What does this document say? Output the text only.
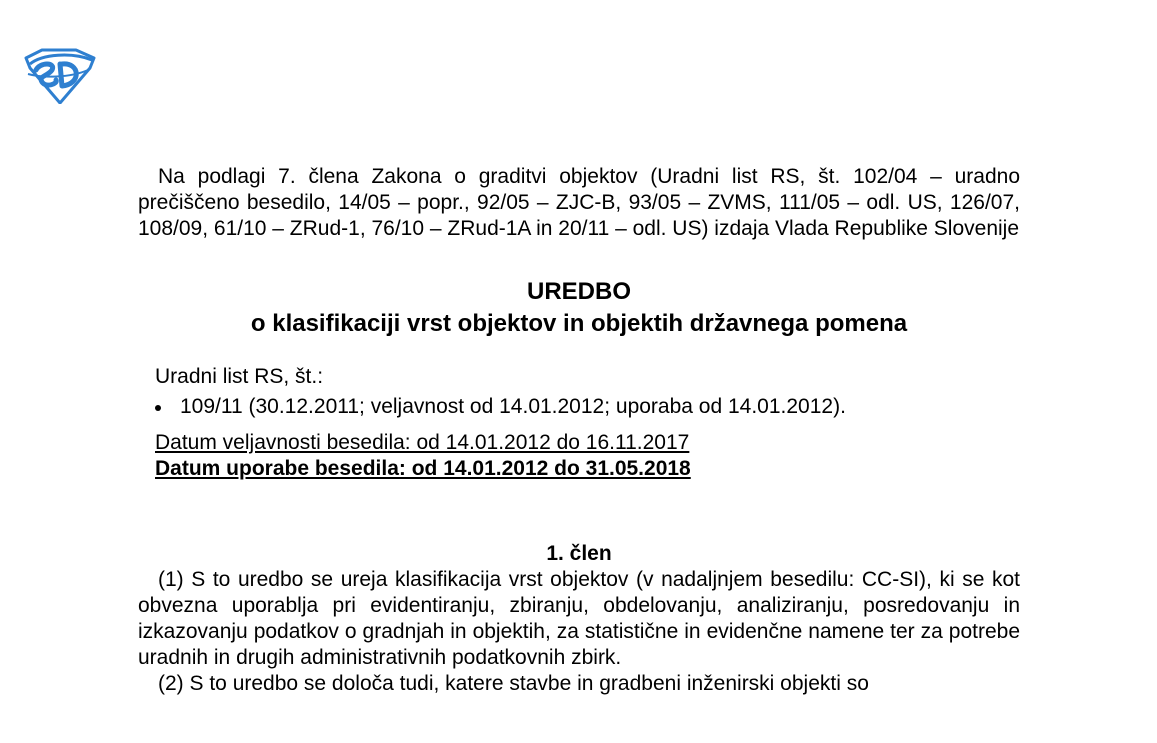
Na podlagi 7. člena Zakona o graditvi objektov (Uradni list RS, št. 102/04 – uradno prečiščeno besedilo, 14/05 – popr., 92/05 – ZJC-B, 93/05 – ZVMS, 111/05 – odl. US, 126/07, 108/09, 61/10 – ZRud-1, 76/10 – ZRud-1A in 20/11 – odl. US) izdaja Vlada Republike Slovenije

UREDBO

o klasifikaciji vrst objektov in objektih državnega pomena

Uradni list RS, št.:

109/11 (30.12.2011; veljavnost od 14.01.2012; uporaba od 14.01.2012).

Datum veljavnosti besedila: od 14.01.2012 do 16.11.2017

Datum uporabe besedila: od 14.01.2012 do 31.05.2018

1. člen

(1) S to uredbo se ureja klasifikacija vrst objektov (v nadaljnjem besedilu: CC-SI), ki se kot obvezna uporablja pri evidentiranju, zbiranju, obdelovanju, analiziranju, posredovanju in izkazovanju podatkov o gradnjah in objektih, za statistične in evidenčne namene ter za potrebe uradnih in drugih administrativnih podatkovnih zbirk.

(2) S to uredbo se določa tudi, katere stavbe in gradbeni inženirski objekti so
